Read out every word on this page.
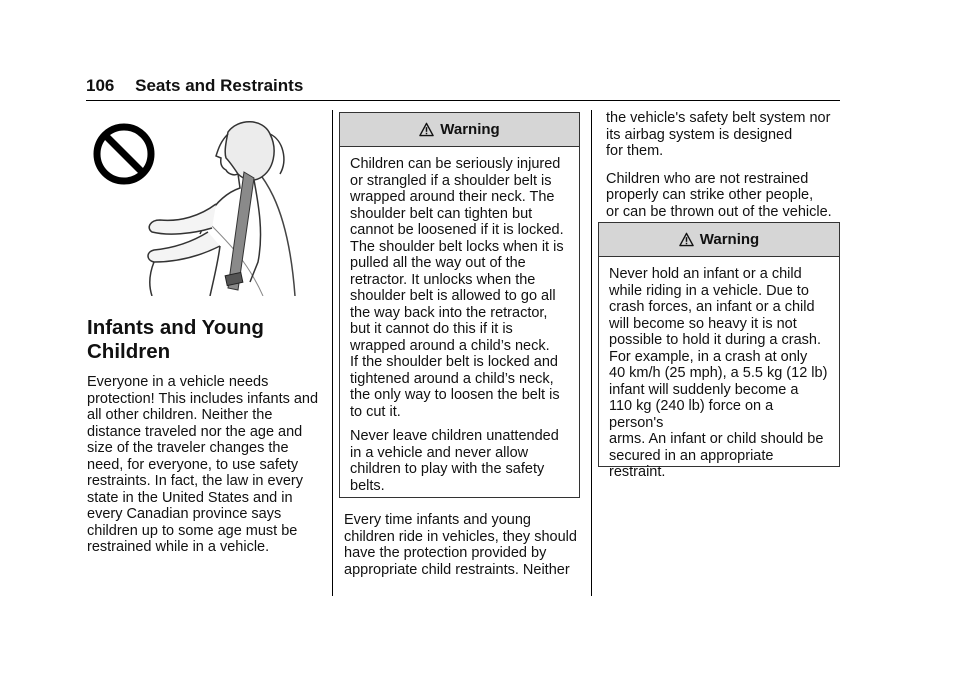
106 Seats and Restraints
Infants and Young
Children

Everyone in a vehicle needs
protection! This includes infants and
all other children. Neither the
distance traveled nor the age and
size of the traveler changes the
need, for everyone, to use safety
restraints. In fact, the law in every
state in the United States and in
every Canadian province says
children up to some age must be
restrained while in a vehicle.

Warning

Children can be seriously injured
or strangled if a shoulder belt is
wrapped around their neck. The
shoulder belt can tighten but
cannot be loosened if it is locked.
The shoulder belt locks when it is
pulled all the way out of the
retractor. It unlocks when the
shoulder belt is allowed to go all
the way back into the retractor,
but it cannot do this if it is
wrapped around a child’s neck.
If the shoulder belt is locked and
tightened around a child’s neck,
the only way to loosen the belt is
to cut it.

Never leave children unattended
in a vehicle and never allow
children to play with the safety
belts.

Every time infants and young
children ride in vehicles, they should
have the protection provided by
appropriate child restraints. Neither

the vehicle's safety belt system nor
its airbag system is designed
for them.

Children who are not restrained
properly can strike other people,
or can be thrown out of the vehicle.

Warning

Never hold an infant or a child
while riding in a vehicle. Due to
crash forces, an infant or a child
will become so heavy it is not
possible to hold it during a crash.
For example, in a crash at only
40 km/h (25 mph), a 5.5 kg (12 lb)
infant will suddenly become a
110 kg (240 lb) force on a person's
arms. An infant or child should be
secured in an appropriate
restraint.
